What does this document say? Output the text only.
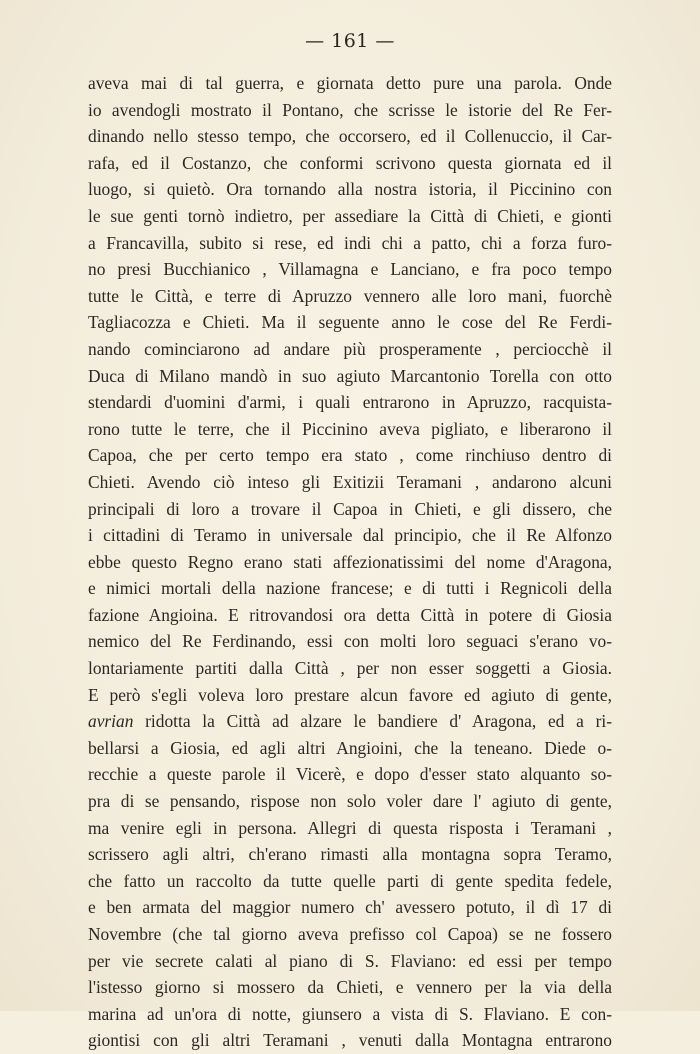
— 161 —
aveva mai di tal guerra, e giornata detto pure una parola. Onde
io avendogli mostrato il Pontano, che scrisse le istorie del Re Fer-
dinando nello stesso tempo, che occorsero, ed il Collenuccio, il Car-
rafa, ed il Costanzo, che conformi scrivono questa giornata ed il
luogo, si quietò. Ora tornando alla nostra istoria, il Piccinino con
le sue genti tornò indietro, per assediare la Città di Chieti, e gionti
a Francavilla, subito si rese, ed indi chi a patto, chi a forza furo-
no presi Bucchianico , Villamagna e Lanciano, e fra poco tempo
tutte le Città, e terre di Apruzzo vennero alle loro mani, fuorchè
Tagliacozza e Chieti. Ma il seguente anno le cose del Re Ferdi-
nando cominciarono ad andare più prosperamente , perciocchè il
Duca di Milano mandò in suo agiuto Marcantonio Torella con otto
stendardi d'uomini d'armi, i quali entrarono in Apruzzo, racquista-
rono tutte le terre, che il Piccinino aveva pigliato, e liberarono il
Capoa, che per certo tempo era stato , come rinchiuso dentro di
Chieti. Avendo ciò inteso gli Exitizii Teramani , andarono alcuni
principali di loro a trovare il Capoa in Chieti, e gli dissero, che
i cittadini di Teramo in universale dal principio, che il Re Alfonzo
ebbe questo Regno erano stati affezionatissimi del nome d'Aragona,
e nimici mortali della nazione francese; e di tutti i Regnicoli della
fazione Angioina. E ritrovandosi ora detta Città in potere di Giosia
nemico del Re Ferdinando, essi con molti loro seguaci s'erano vo-
lontariamente partiti dalla Città , per non esser soggetti a Giosia.
E però s'egli voleva loro prestare alcun favore ed agiuto di gente,
avrian ridotta la Città ad alzare le bandiere d' Aragona, ed a ri-
bellarsi a Giosia, ed agli altri Angioini, che la teneano. Diede o-
recchie a queste parole il Vicerè, e dopo d'esser stato alquanto so-
pra di se pensando, rispose non solo voler dare l' agiuto di gente,
ma venire egli in persona. Allegri di questa risposta i Teramani ,
scrissero agli altri, ch'erano rimasti alla montagna sopra Teramo,
che fatto un raccolto da tutte quelle parti di gente spedita fedele,
e ben armata del maggior numero ch' avessero potuto, il dì 17 di
Novembre (che tal giorno aveva prefisso col Capoa) se ne fossero
per vie secrete calati al piano di S. Flaviano: ed essi per tempo
l'istesso giorno si mossero da Chieti, e vennero per la via della
marina ad un'ora di notte, giunsero a vista di S. Flaviano. E con-
giontisi con gli altri Teramani , venuti dalla Montagna entrarono
